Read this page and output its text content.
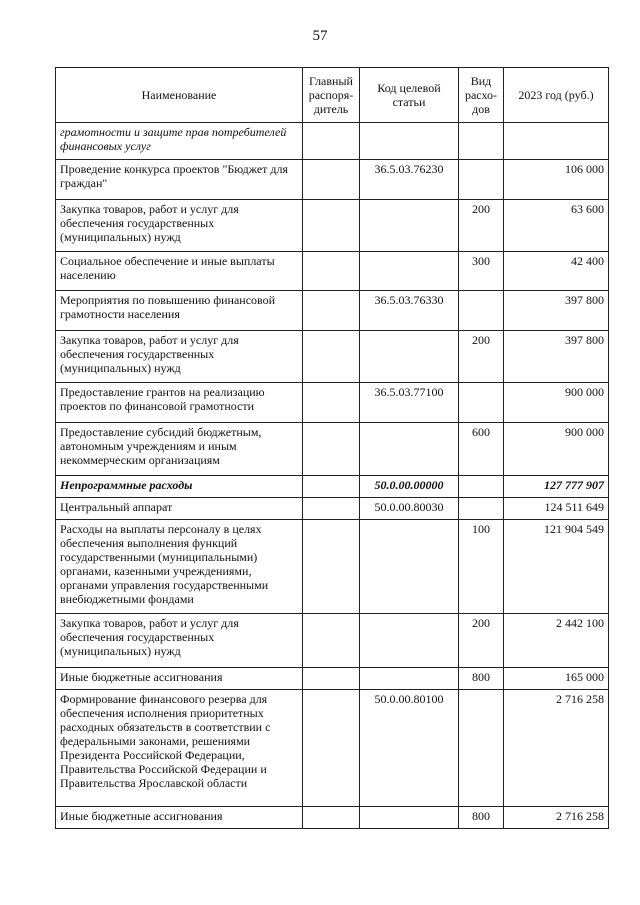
57
Наименование	Главный распоря- дитель	Код целевой статьи	Вид расхо- дов	2023 год (руб.)
грамотности и защите прав потребителей финансовых услуг				
Проведение конкурса проектов "Бюджет для граждан"		36.5.03.76230		106 000
Закупка товаров, работ и услуг для обеспечения государственных (муниципальных) нужд			200	63 600
Социальное обеспечение и иные выплаты населению			300	42 400
Мероприятия по повышению финансовой грамотности населения		36.5.03.76330		397 800
Закупка товаров, работ и услуг для обеспечения государственных (муниципальных) нужд			200	397 800
Предоставление грантов на реализацию проектов по финансовой грамотности		36.5.03.77100		900 000
Предоставление субсидий бюджетным, автономным учреждениям и иным некоммерческим организациям			600	900 000
Непрограммные расходы		50.0.00.00000		127 777 907
Центральный аппарат		50.0.00.80030		124 511 649
Расходы на выплаты персоналу в целях обеспечения выполнения функций государственными (муниципальными) органами, казенными учреждениями, органами управления государственными внебюджетными фондами			100	121 904 549
Закупка товаров, работ и услуг для обеспечения государственных (муниципальных) нужд			200	2 442 100
Иные бюджетные ассигнования			800	165 000
Формирование финансового резерва для обеспечения исполнения приоритетных расходных обязательств в соответствии с федеральными законами, решениями Президента Российской Федерации, Правительства Российской Федерации и Правительства Ярославской области		50.0.00.80100		2 716 258
Иные бюджетные ассигнования			800	2 716 258
